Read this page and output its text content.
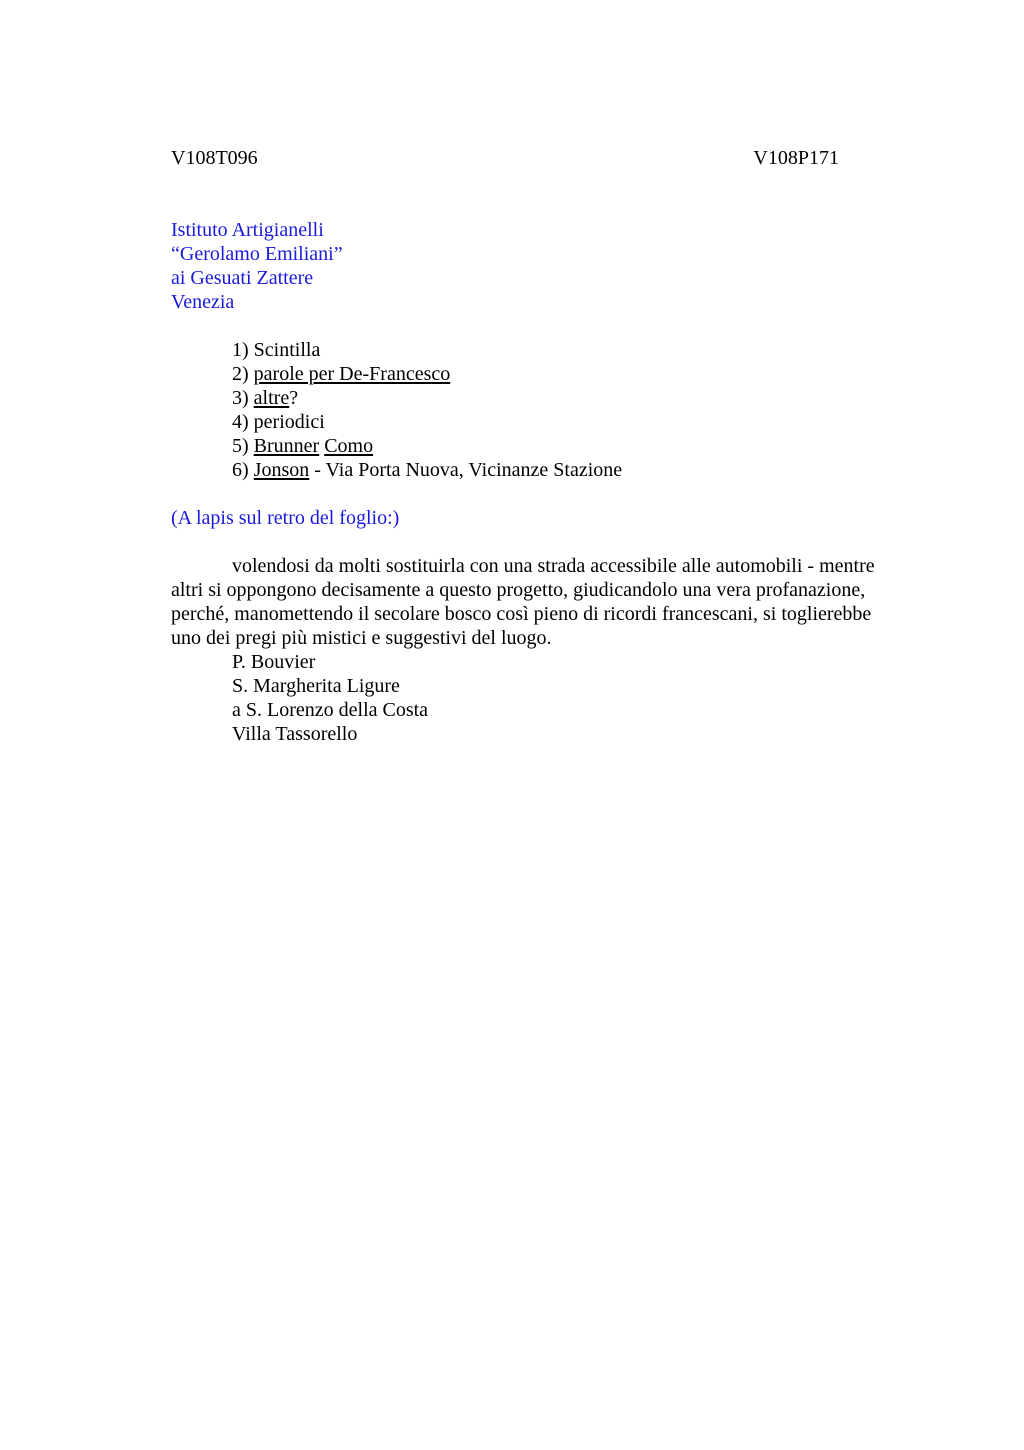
V108T096	V108P171
Istituto Artigianelli
“Gerolamo Emiliani”
ai Gesuati Zattere
Venezia
1) Scintilla
2) parole per De-Francesco
3) altre?
4) periodici
5) Brunner Como
6) Jonson - Via Porta Nuova, Vicinanze Stazione
(A lapis sul retro del foglio:)
volendosi da molti sostituirla con una strada accessibile alle automobili - mentre altri si oppongono decisamente a questo progetto, giudicandolo una vera profanazione, perché, manomettendo il secolare bosco così pieno di ricordi francescani, si toglierebbe uno dei pregi più mistici e suggestivi del luogo.
P. Bouvier
S. Margherita Ligure
a S. Lorenzo della Costa
Villa Tassorello
